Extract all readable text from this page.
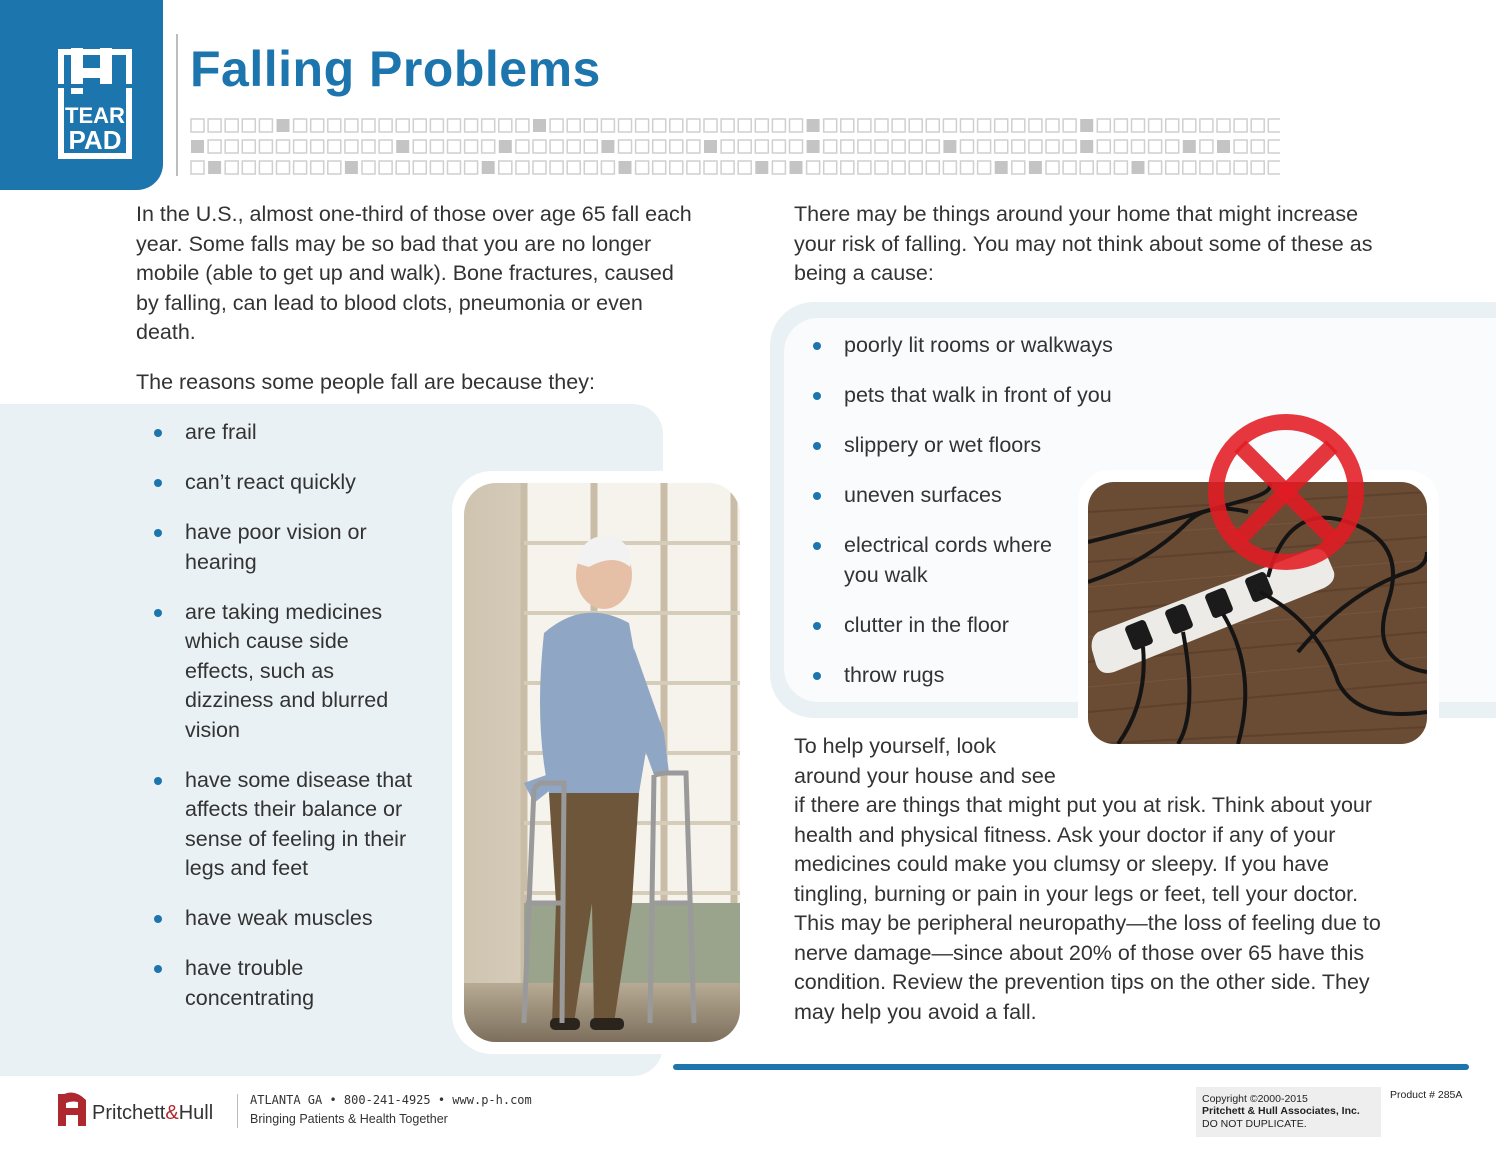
TEAR
PAD
Falling Problems

In the U.S., almost one-third of those over age 65 fall each year. Some falls may be so bad that you are no longer mobile (able to get up and walk). Bone fractures, caused by falling, can lead to blood clots, pneumonia or even death.

The reasons some people fall are because they:

are frail
can’t react quickly
have poor vision or hearing
are taking medicines which cause side effects, such as dizziness and blurred vision
have some disease that affects their balance or sense of feeling in their legs and feet
have weak muscles
have trouble concentrating

There may be things around your home that might increase your risk of falling. You may not think about some of these as being a cause:

poorly lit rooms or walkways
pets that walk in front of you
slippery or wet floors
uneven surfaces
electrical cords where you walk
clutter in the floor
throw rugs

To help yourself, look

around your house and see

if there are things that might put you at risk. Think about your health and physical fitness. Ask your doctor if any of your medicines could make you clumsy or sleepy. If you have tingling, burning or pain in your legs or feet, tell your doctor. This may be peripheral neuropathy—the loss of feeling due to nerve damage—since about 20% of those over 65 have this condition. Review the prevention tips on the other side. They may help you avoid a fall.

Pritchett&Hull
ATLANTA GA • 800-241-4925 • www.p-h.com
Bringing Patients & Health Together
Copyright ©2000-2015
Pritchett & Hull Associates, Inc.
DO NOT DUPLICATE.
Product # 285A
